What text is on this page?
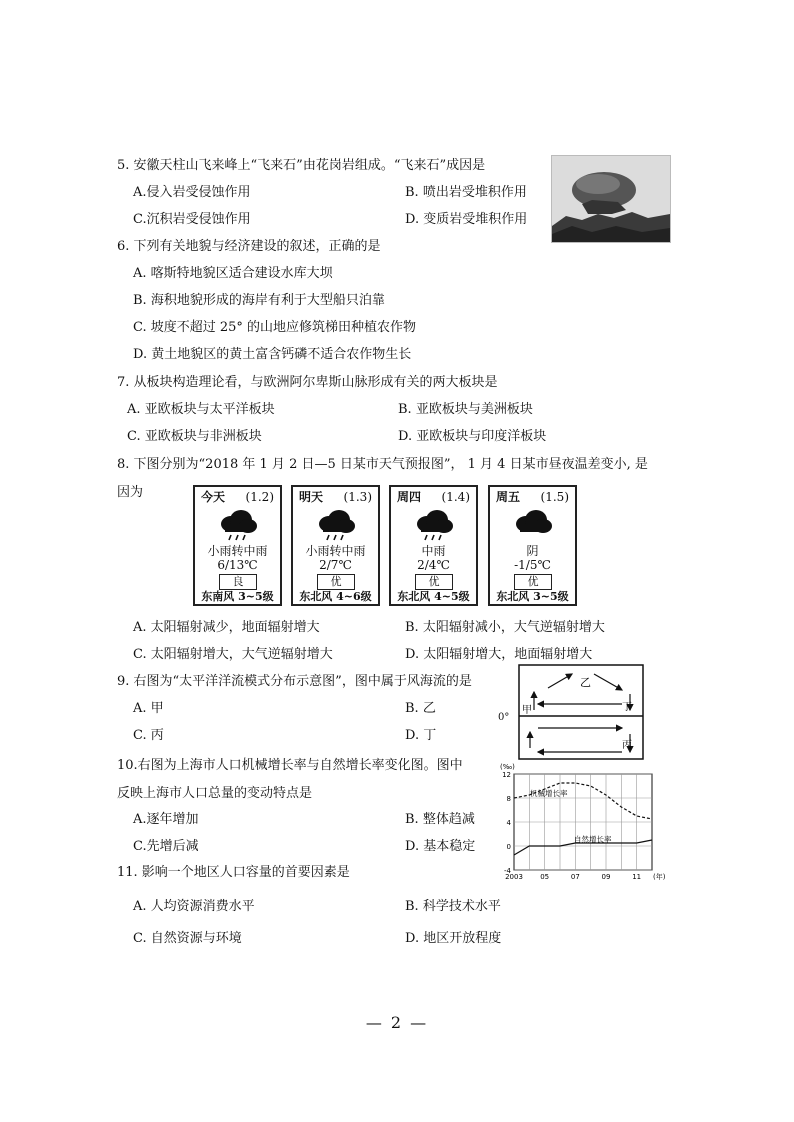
5. 安徽天柱山飞来峰上“飞来石”由花岗岩组成。“飞来石”成因是
A.侵入岩受侵蚀作用	B. 喷出岩受堆积作用
C.沉积岩受侵蚀作用	D. 变质岩受堆积作用
6. 下列有关地貌与经济建设的叙述，正确的是
A. 喀斯特地貌区适合建设水库大坝
B. 海积地貌形成的海岸有利于大型船只泊靠
C. 坡度不超过 25° 的山地应修筑梯田种植农作物
D. 黄土地貌区的黄土富含钙磷不适合农作物生长
7. 从板块构造理论看，与欧洲阿尔卑斯山脉形成有关的两大板块是
A. 亚欧板块与太平洋板块	B. 亚欧板块与美洲板块
C. 亚欧板块与非洲板块	D. 亚欧板块与印度洋板块
8. 下图分别为“2018 年 1 月 2 日—5 日某市天气预报图”， 1 月 4 日某市昼夜温差变小, 是
因为	今天 (1.2)
小雨转中雨
6/13℃
良
东南风 3~5级
明天 (1.3)
小雨转中雨
2/7℃
优
东北风 4~6级
周四 (1.4)
中雨
2/4℃
优
东北风 4~5级
周五 (1.5)
阴
-1/5℃
优
东北风 3~5级
A. 太阳辐射减少，地面辐射增大	B. 太阳辐射减小，大气逆辐射增大
C. 太阳辐射增大，大气逆辐射增大	D. 太阳辐射增大，地面辐射增大
9. 右图为“太平洋洋流模式分布示意图”，图中属于风海流的是
A. 甲	B. 乙
C. 丙	D. 丁
0°
乙
丁
甲
丙
10.右图为上海市人口机械增长率与自然增长率变化图。图中
反映上海市人口总量的变动特点是
A.逐年增加	B. 整体趋减
C.先增后减	D. 基本稳定
12
8
4
0
-4
2003 05	07	09	11
(‰)
(年)
机械增长率
自然增长率
11. 影响一个地区人口容量的首要因素是
A. 人均资源消费水平	B. 科学技术水平
C. 自然资源与环境	D. 地区开放程度
— 2 —
